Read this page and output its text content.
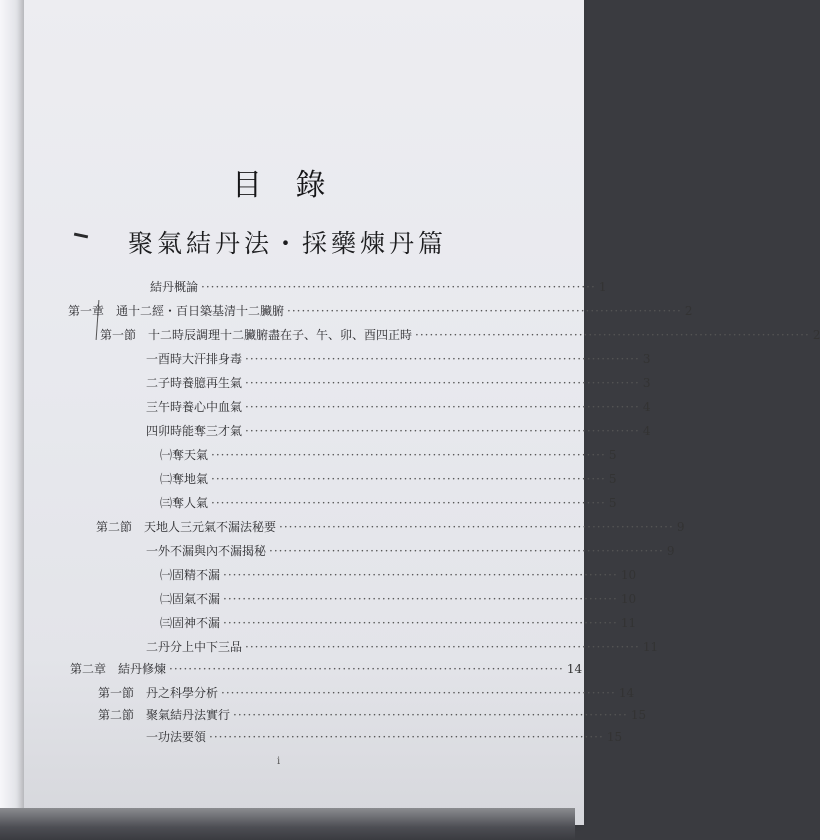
目 錄
聚氣結丹法・採藥煉丹篇
結丹概論 ·················································································· 1
第一章　通十二經・百日築基清十二臟腑 ·················································································· 2
第一節　十二時辰調理十二臟腑盡在子、午、卯、酉四正時 ·················································································· 2
一酉時大汗排身毒 ·················································································· 3
二子時養臆再生氣 ·················································································· 3
三午時養心中血氣 ·················································································· 4
四卯時能奪三才氣 ·················································································· 4
㈠奪天氣 ·················································································· 5
㈡奪地氣 ·················································································· 5
㈢奪人氣 ·················································································· 5
第二節　天地人三元氣不漏法秘要 ·················································································· 9
一外不漏與內不漏揭秘 ·················································································· 9
㈠固精不漏 ·················································································· 10
㈡固氣不漏 ·················································································· 10
㈢固神不漏 ·················································································· 11
二丹分上中下三品 ·················································································· 11
第二章　結丹修煉 ·················································································· 14
第一節　丹之科學分析 ·················································································· 14
第二節　聚氣結丹法實行 ·················································································· 15
一功法要領 ·················································································· 15
i
